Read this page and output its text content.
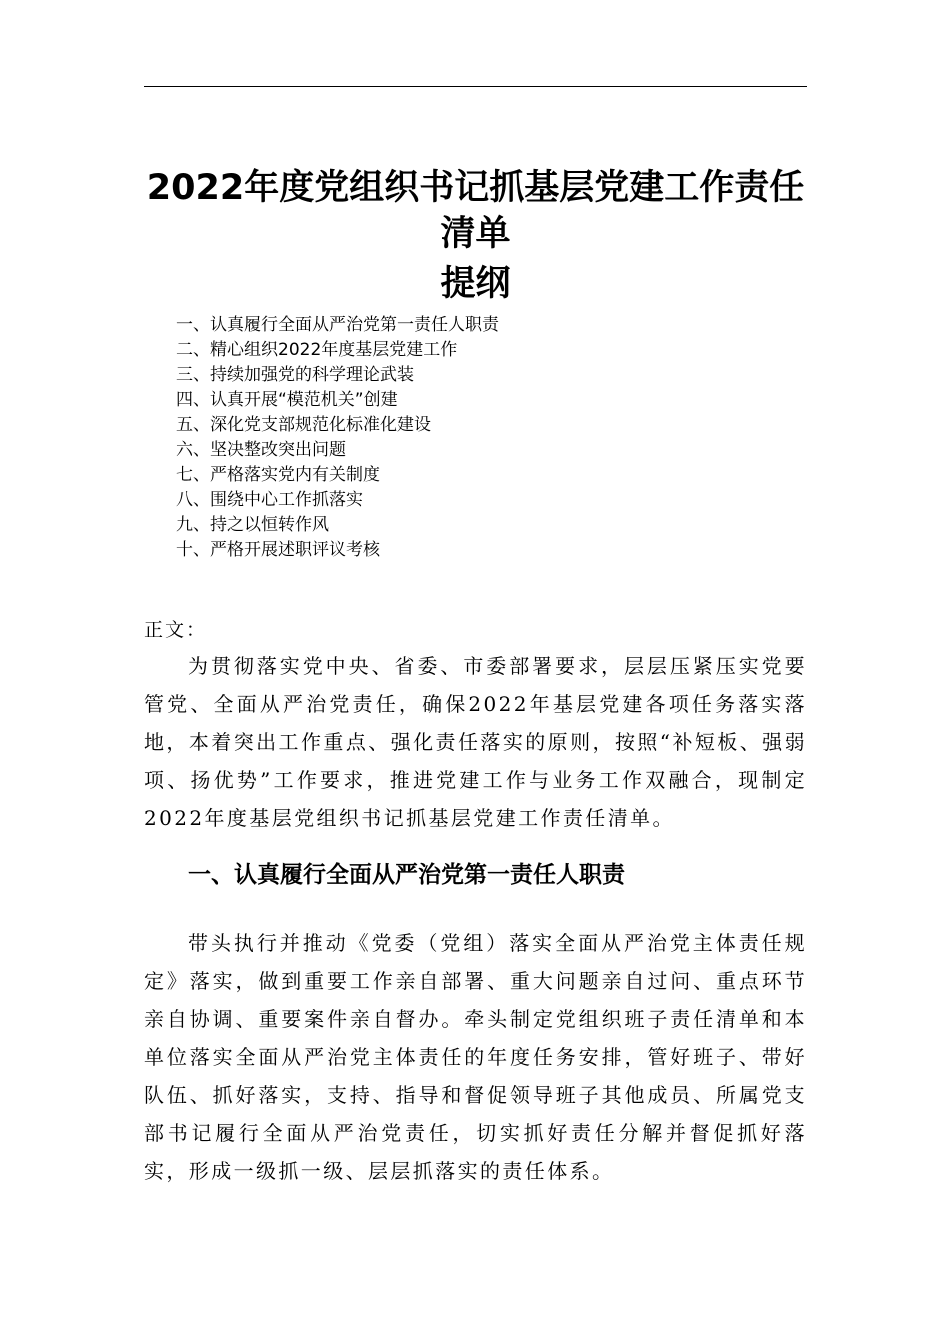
2022年度党组织书记抓基层党建工作责任
清单
提纲
一、认真履行全面从严治党第一责任人职责
二、精心组织2022年度基层党建工作
三、持续加强党的科学理论武装
四、认真开展“模范机关”创建
五、深化党支部规范化标准化建设
六、坚决整改突出问题
七、严格落实党内有关制度
八、围绕中心工作抓落实
九、持之以恒转作风
十、严格开展述职评议考核
正文：

为贯彻落实党中央、省委、市委部署要求，层层压紧压实党要管党、全面从严治党责任，确保2022年基层党建各项任务落实落地，本着突出工作重点、强化责任落实的原则，按照“补短板、强弱项、扬优势”工作要求，推进党建工作与业务工作双融合，现制定2022年度基层党组织书记抓基层党建工作责任清单。

一、认真履行全面从严治党第一责任人职责

带头执行并推动《党委（党组）落实全面从严治党主体责任规定》落实，做到重要工作亲自部署、重大问题亲自过问、重点环节亲自协调、重要案件亲自督办。牵头制定党组织班子责任清单和本单位落实全面从严治党主体责任的年度任务安排，管好班子、带好队伍、抓好落实，支持、指导和督促领导班子其他成员、所属党支部书记履行全面从严治党责任，切实抓好责任分解并督促抓好落实，形成一级抓一级、层层抓落实的责任体系。
